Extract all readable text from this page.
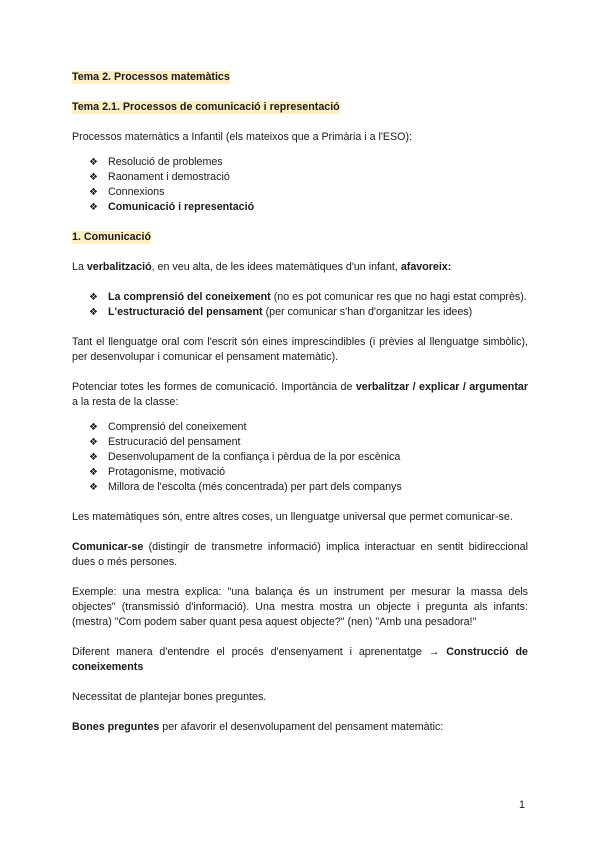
Tema 2. Processos matemàtics

Tema 2.1. Processos de comunicació i representació

Processos matemàtics a Infantil (els mateixos que a Primària i a l'ESO):

❖ Resolució de problemes
❖ Raonament i demostració
❖ Connexions
❖ Comunicació i representació

1. Comunicació

La verbalització, en veu alta, de les idees matemàtiques d'un infant, afavoreix:

❖ La comprensió del coneixement (no es pot comunicar res que no hagi estat comprès).
❖ L'estructuració del pensament (per comunicar s'han d'organitzar les idees)

Tant el llenguatge oral com l'escrit són eines imprescindibles (i prèvies al llenguatge simbòlic), per desenvolupar i comunicar el pensament matemàtic).

Potenciar totes les formes de comunicació. Importància de verbalitzar / explicar / argumentar a la resta de la classe:

❖ Comprensió del coneixement
❖ Estrucuració del pensament
❖ Desenvolupament de la confiança i pèrdua de la por escènica
❖ Protagonisme, motivació
❖ Millora de l'escolta (més concentrada) per part dels companys

Les matemàtiques són, entre altres coses, un llenguatge universal que permet comunicar-se.

Comunicar-se (distingir de transmetre informació) implica interactuar en sentit bidireccional dues o més persones.

Exemple: una mestra explica: "una balança és un instrument per mesurar la massa dels objectes" (transmissió d'informació). Una mestra mostra un objecte i pregunta als infants: (mestra) "Com podem saber quant pesa aquest objecte?" (nen) "Amb una pesadora!"

Diferent manera d'entendre el procés d'ensenyament i aprenentatge → Construcció de coneixements

Necessitat de plantejar bones preguntes.

Bones preguntes per afavorir el desenvolupament del pensament matemàtic:

1
